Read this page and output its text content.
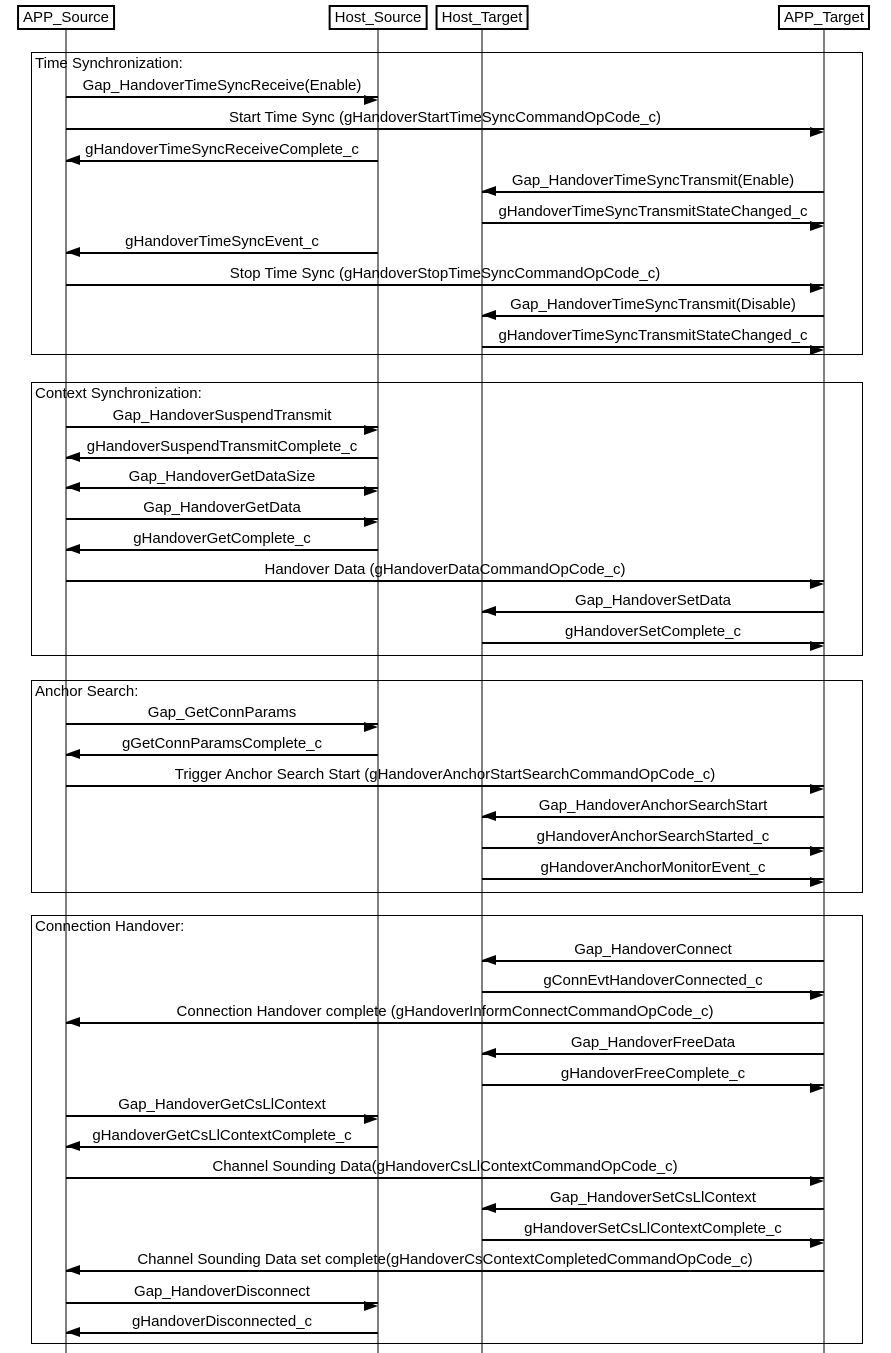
APP_Source	Host_Source	Host_Target	APP_Target
Time Synchronization:
Gap_HandoverTimeSyncReceive(Enable)
Start Time Sync (gHandoverStartTimeSyncCommandOpCode_c)
gHandoverTimeSyncReceiveComplete_c
Gap_HandoverTimeSyncTransmit(Enable)
gHandoverTimeSyncTransmitStateChanged_c
gHandoverTimeSyncEvent_c
Stop Time Sync (gHandoverStopTimeSyncCommandOpCode_c)
Gap_HandoverTimeSyncTransmit(Disable)
gHandoverTimeSyncTransmitStateChanged_c
Context Synchronization:
Gap_HandoverSuspendTransmit
gHandoverSuspendTransmitComplete_c
Gap_HandoverGetDataSize
Gap_HandoverGetData
gHandoverGetComplete_c
Handover Data (gHandoverDataCommandOpCode_c)
Gap_HandoverSetData
gHandoverSetComplete_c
Anchor Search:
Gap_GetConnParams
gGetConnParamsComplete_c
Trigger Anchor Search Start (gHandoverAnchorStartSearchCommandOpCode_c)
Gap_HandoverAnchorSearchStart
gHandoverAnchorSearchStarted_c
gHandoverAnchorMonitorEvent_c
Connection Handover:
Gap_HandoverConnect
gConnEvtHandoverConnected_c
Connection Handover complete (gHandoverInformConnectCommandOpCode_c)
Gap_HandoverFreeData
gHandoverFreeComplete_c
Gap_HandoverGetCsLlContext
gHandoverGetCsLlContextComplete_c
Channel Sounding Data(gHandoverCsLlContextCommandOpCode_c)
Gap_HandoverSetCsLlContext
gHandoverSetCsLlContextComplete_c
Channel Sounding Data set complete(gHandoverCsContextCompletedCommandOpCode_c)
Gap_HandoverDisconnect
gHandoverDisconnected_c
